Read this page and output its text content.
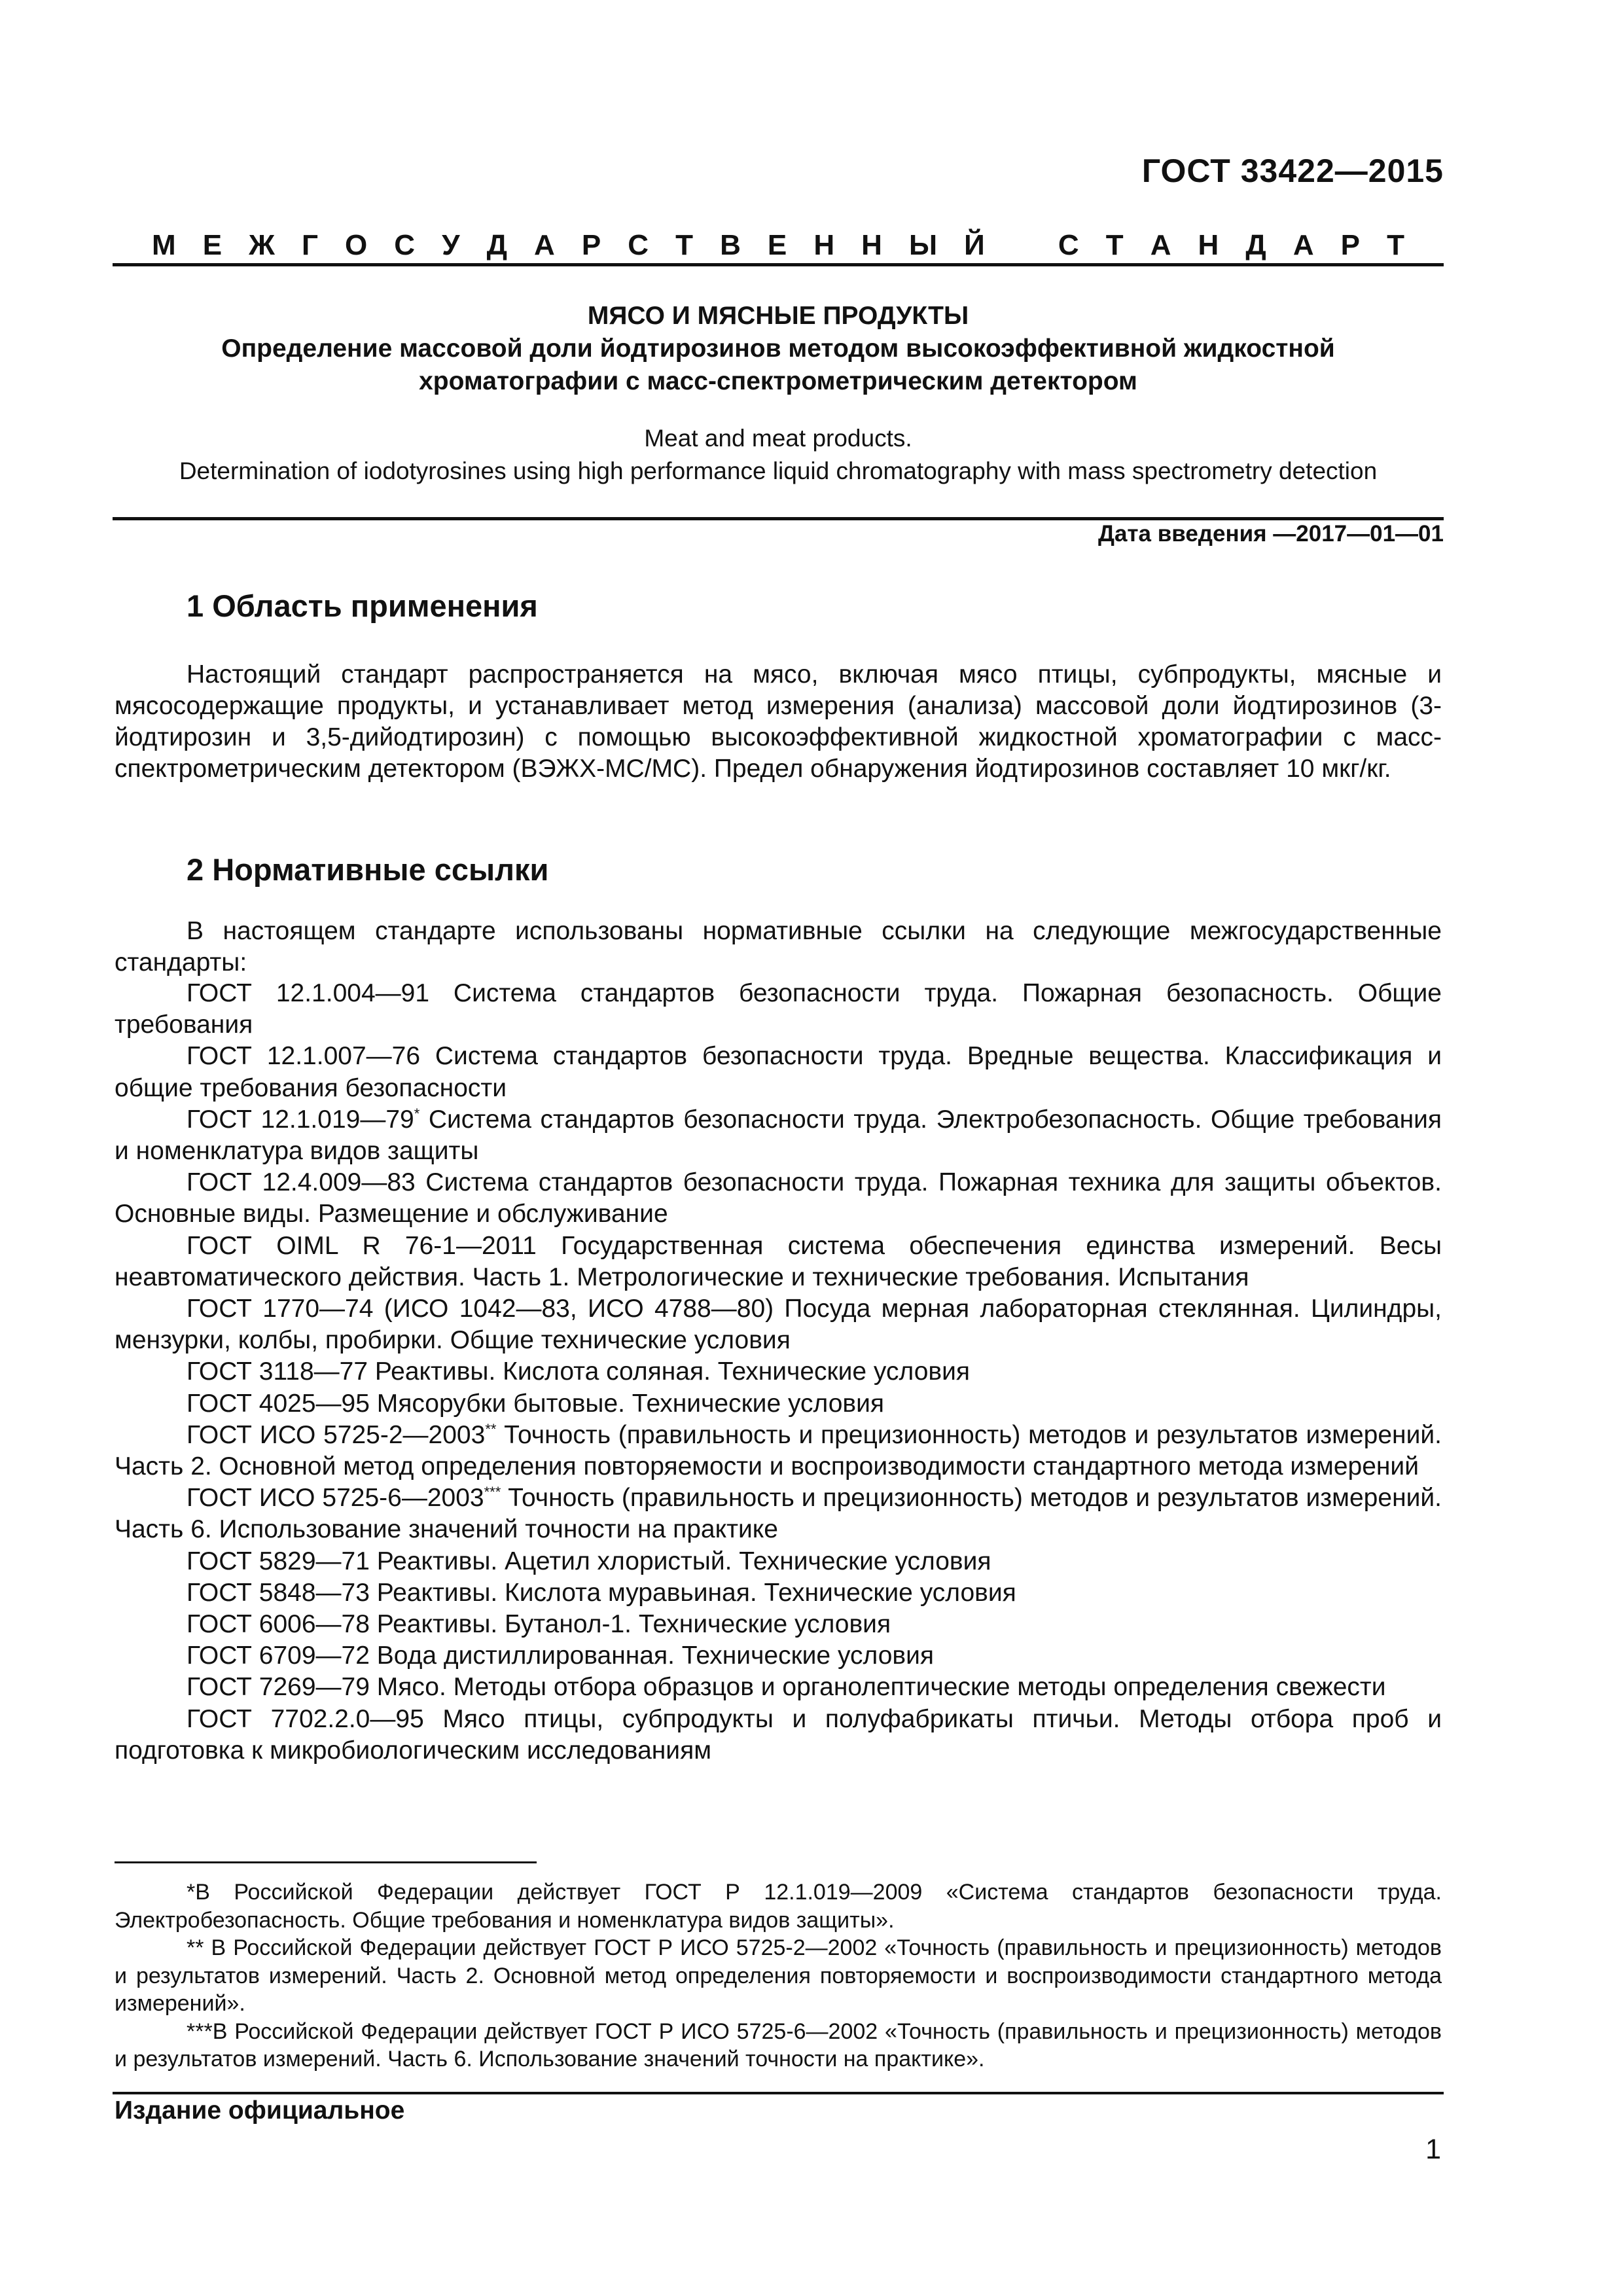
ГОСТ 33422—2015
М Е Ж Г О С У Д А Р С Т В Е Н Н Ы Й	С Т А Н Д А Р Т
МЯСО И МЯСНЫЕ ПРОДУКТЫ
Определение массовой доли йодтирозинов методом высокоэффективной жидкостной
хроматографии с масс-спектрометрическим детектором
Meat and meat products.
Determination of iodotyrosines using high performance liquid chromatography with mass spectrometry detection
Дата введения —2017—01—01
1 Область применения
Настоящий стандарт распространяется на мясо, включая мясо птицы, субпродукты, мясные и мясосодержащие продукты, и устанавливает метод измерения (анализа) массовой доли йодтирозинов (3-йодтирозин и 3,5-дийодтирозин) с помощью высокоэффективной жидкостной хроматографии с масс-спектрометрическим детектором (ВЭЖХ-МС/МС). Предел обнаружения йодтирозинов составляет 10 мкг/кг.
2 Нормативные ссылки
В настоящем стандарте использованы нормативные ссылки на следующие межгосударственные стандарты:
ГОСТ 12.1.004—91 Система стандартов безопасности труда. Пожарная безопасность. Общие требования
ГОСТ 12.1.007—76 Система стандартов безопасности труда. Вредные вещества. Классификация и общие требования безопасности
ГОСТ 12.1.019—79* Система стандартов безопасности труда. Электробезопасность. Общие требования и номенклатура видов защиты
ГОСТ 12.4.009—83 Система стандартов безопасности труда. Пожарная техника для защиты объектов. Основные виды. Размещение и обслуживание
ГОСТ OIML R 76-1—2011 Государственная система обеспечения единства измерений. Весы неавтоматического действия. Часть 1. Метрологические и технические требования. Испытания
ГОСТ 1770—74 (ИСО 1042—83, ИСО 4788—80) Посуда мерная лабораторная стеклянная. Цилиндры, мензурки, колбы, пробирки. Общие технические условия
ГОСТ 3118—77 Реактивы. Кислота соляная. Технические условия
ГОСТ 4025—95 Мясорубки бытовые. Технические условия
ГОСТ ИСО 5725-2—2003** Точность (правильность и прецизионность) методов и результатов измерений. Часть 2. Основной метод определения повторяемости и воспроизводимости стандартного метода измерений
ГОСТ ИСО 5725-6—2003*** Точность (правильность и прецизионность) методов и результатов измерений. Часть 6. Использование значений точности на практике
ГОСТ 5829—71 Реактивы. Ацетил хлористый. Технические условия
ГОСТ 5848—73 Реактивы. Кислота муравьиная. Технические условия
ГОСТ 6006—78 Реактивы. Бутанол-1. Технические условия
ГОСТ 6709—72 Вода дистиллированная. Технические условия
ГОСТ 7269—79 Мясо. Методы отбора образцов и органолептические методы определения свежести
ГОСТ 7702.2.0—95 Мясо птицы, субпродукты и полуфабрикаты птичьи. Методы отбора проб и подготовка к микробиологическим исследованиям
*В Российской Федерации действует ГОСТ Р 12.1.019—2009 «Система стандартов безопасности труда. Электробезопасность. Общие требования и номенклатура видов защиты».
** В Российской Федерации действует ГОСТ Р ИСО 5725-2—2002 «Точность (правильность и прецизионность) методов и результатов измерений. Часть 2. Основной метод определения повторяемости и воспроизводимости стандартного метода измерений».
***В Российской Федерации действует ГОСТ Р ИСО 5725-6—2002 «Точность (правильность и прецизионность) методов и результатов измерений. Часть 6. Использование значений точности на практике».
Издание официальное
1
